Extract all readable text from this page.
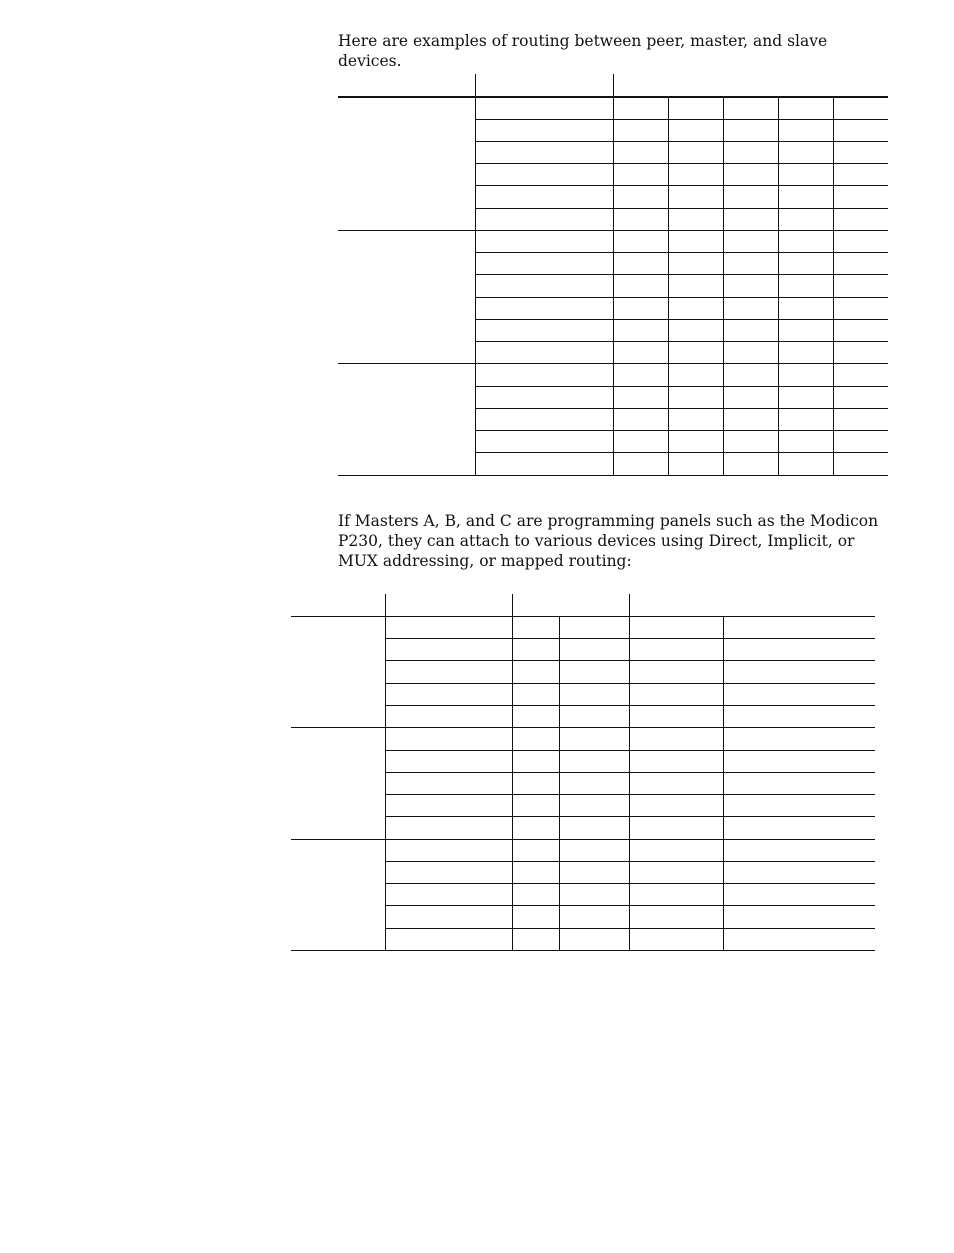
Here are examples of routing between peer, master, and slave devices.

If Masters A, B, and C are programming panels such as the Modicon P230, they can attach to various devices using Direct, Implicit, or MUX addressing, or mapped routing:
